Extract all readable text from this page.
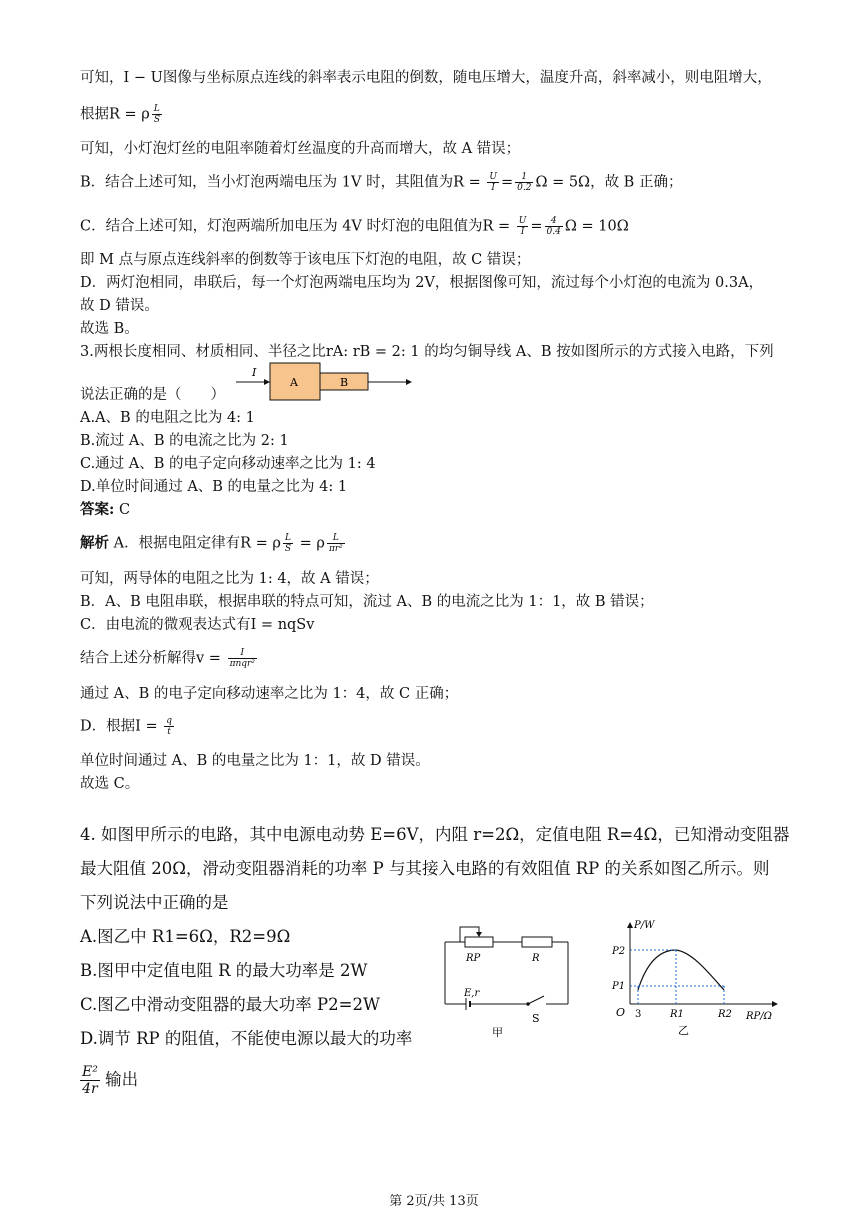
可知，I − U图像与坐标原点连线的斜率表示电阻的倒数，随电压增大，温度升高，斜率减小，则电阻增大，
根据R = ρ $\frac{L}{S}$
可知，小灯泡灯丝的电阻率随着灯丝温度的升高而增大，故 A 错误；
B．结合上述可知，当小灯泡两端电压为 1V 时，其阻值为$R = \frac{U}{I} = \frac{1}{0.2}$ Ω = 5Ω，故 B 正确；
C．结合上述可知，灯泡两端所加电压为 4V 时灯泡的电阻值为$R = \frac{U}{I} = \frac{4}{0.4}$ Ω = 10Ω
即 M 点与原点连线斜率的倒数等于该电压下灯泡的电阻，故 C 错误；
D．两灯泡相同，串联后，每一个灯泡两端电压均为 2V，根据图像可知，流过每个小灯泡的电流为 0.3A，
故 D 错误。
故选 B。
3.两根长度相同、材质相同、半径之比rA: rB = 2: 1 的均匀铜导线 A、B 按如图所示的方式接入电路，下列
I
A	B
说法正确的是（　　）
A.A、B 的电阻之比为 4: 1
B.流过 A、B 的电流之比为 2: 1
C.通过 A、B 的电子定向移动速率之比为 1: 4
D.单位时间通过 A、B 的电量之比为 4: 1
答案: C
解析 A．根据电阻定律有R = ρ $\frac{L}{S} = \rho \frac{L}{\text{πr²}}$
可知，两导体的电阻之比为 1: 4，故 A 错误；
B．A、B 电阻串联，根据串联的特点可知，流过 A、B 的电流之比为 1：1，故 B 错误；
C．由电流的微观表达式有I = nqSv
结合上述分析解得$v = \frac{I}{\text{πnqr²}}$
通过 A、B 的电子定向移动速率之比为 1：4，故 C 正确；
D．根据$I = \frac{q}{t}$
单位时间通过 A、B 的电量之比为 1：1，故 D 错误。
故选 C。
4. 如图甲所示的电路，其中电源电动势 E=6V，内阻 r=2Ω，定值电阻 R=4Ω，已知滑动变阻器
最大阻值 20Ω，滑动变阻器消耗的功率 P 与其接入电路的有效阻值 RP 的关系如图乙所示。则
下列说法中正确的是
A.图乙中 R1=6Ω，R2=9Ω
B.图甲中定值电阻 R 的最大功率是 2W
C.图乙中滑动变阻器的最大功率 P2=2W
D.调节 RP 的阻值，不能使电源以最大的功率
$\frac{\text{E²}}{4r}$ 输出
RP	R
E,r
S
甲
P/W
RP/Ω
O
P2
P1
3	R1	R2
乙
第 2页/共 13页
